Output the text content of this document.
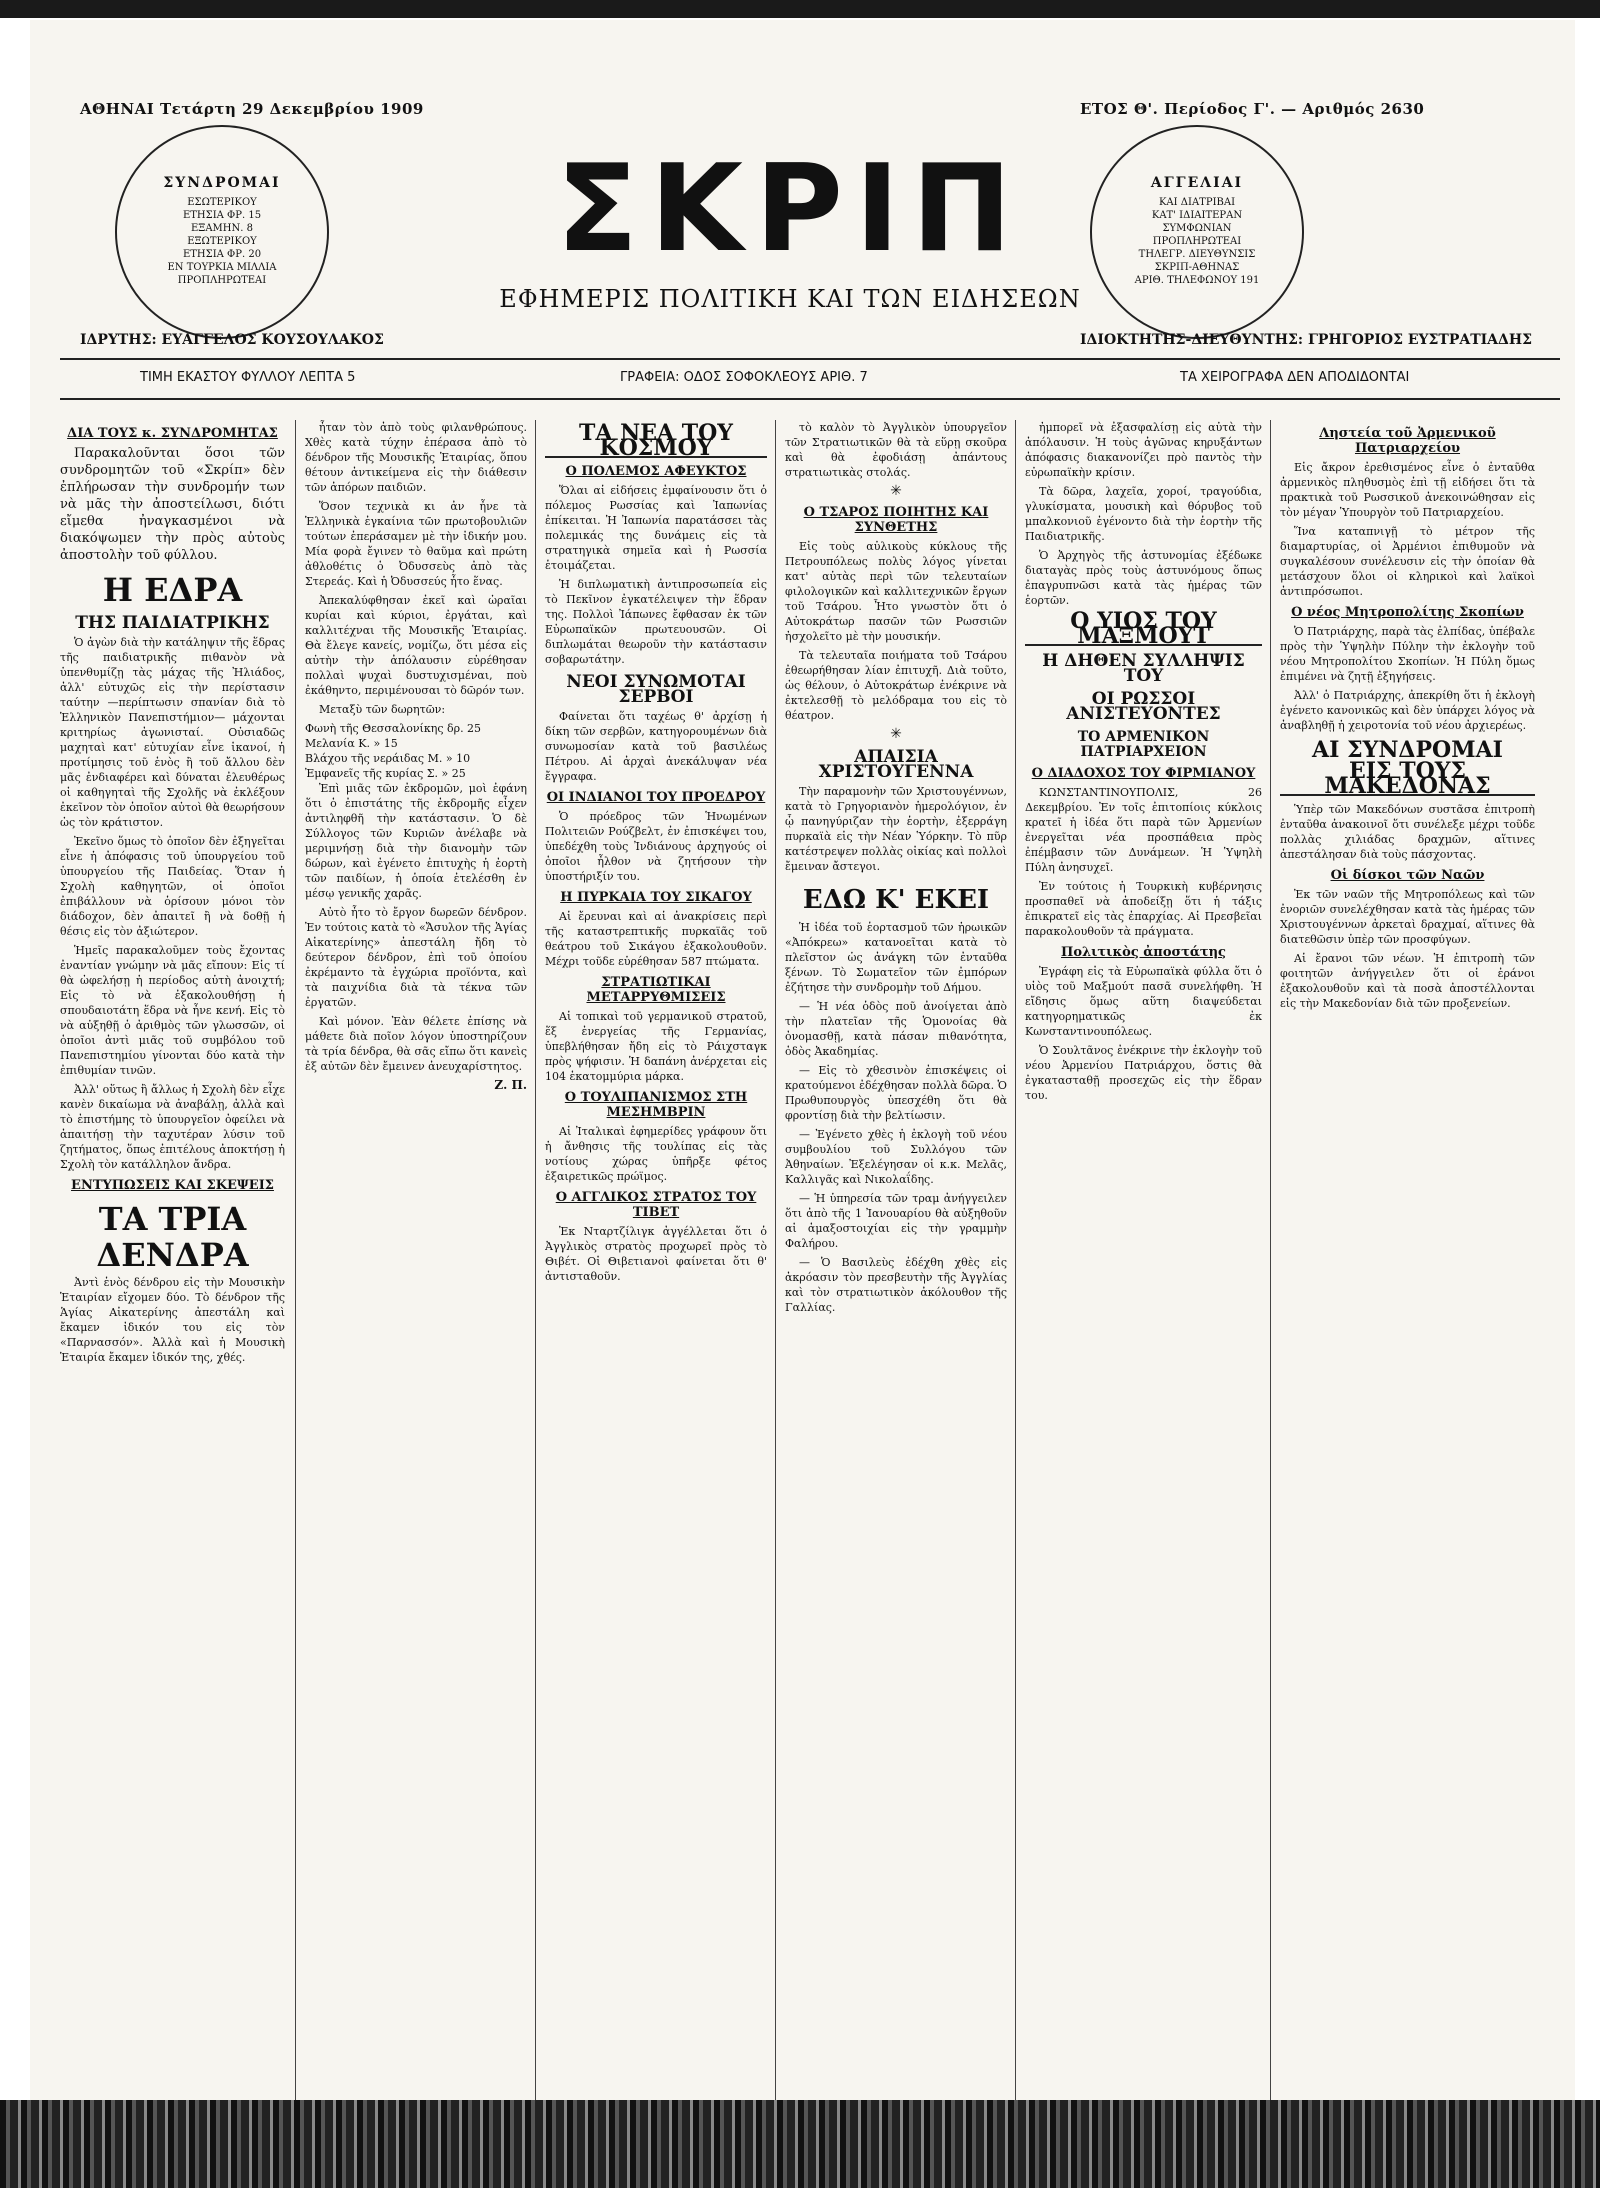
ΑΘΗΝΑΙ Τετάρτη 29 Δεκεμβρίου 1909	ΕΤΟΣ Θ'. Περίοδος Γ'. — Αριθμός 2630
ΣΥΝΔΡΟΜΑΙ
ΕΣΩΤΕΡΙΚΟΥ
ΕΤΗΣΙΑ ΦΡ. 15
ΕΞΑΜΗΝ. 8
ΕΞΩΤΕΡΙΚΟΥ
ΕΤΗΣΙΑ ΦΡ. 20
ΕΝ ΤΟΥΡΚΙΑ ΜΙΛΛΙΑ
ΠΡΟΠΛΗΡΩΤΕΑΙ
ΣΚΡΙΠ
ΕΦΗΜΕΡΙΣ ΠΟΛΙΤΙΚΗ ΚΑΙ ΤΩΝ ΕΙΔΗΣΕΩΝ
ΑΓΓΕΛΙΑΙ
ΚΑΙ ΔΙΑΤΡΙΒΑΙ
ΚΑΤ' ΙΔΙΑΙΤΕΡΑΝ
ΣΥΜΦΩΝΙΑΝ
ΠΡΟΠΛΗΡΩΤΕΑΙ
ΤΗΛΕΓΡ. ΔΙΕΥΘΥΝΣΙΣ
ΣΚΡΙΠ-ΑΘΗΝΑΣ
ΑΡΙΘ. ΤΗΛΕΦΩΝΟΥ 191
ΙΔΡΥΤΗΣ: ΕΥΑΓΓΕΛΟΣ ΚΟΥΣΟΥΛΑΚΟΣ	ΙΔΙΟΚΤΗΤΗΣ-ΔΙΕΥΘΥΝΤΗΣ: ΓΡΗΓΟΡΙΟΣ ΕΥΣΤΡΑΤΙΑΔΗΣ
ΤΙΜΗ ΕΚΑΣΤΟΥ ΦΥΛΛΟΥ ΛΕΠΤΑ 5	ΓΡΑΦΕΙΑ: ΟΔΟΣ ΣΟΦΟΚΛΕΟΥΣ ΑΡΙΘ. 7	ΤΑ ΧΕΙΡΟΓΡΑΦΑ ΔΕΝ ΑΠΟΔΙΔΟΝΤΑΙ
ΔΙΑ ΤΟΥΣ κ. ΣΥΝΔΡΟΜΗΤΑΣ

Παρακαλοῦνται ὅσοι τῶν συνδρομητῶν τοῦ «Σκρίπ» δὲν ἐπλήρωσαν τὴν συνδρομήν των νὰ μᾶς τὴν ἀποστείλωσι, διότι εἴμεθα ἠναγκασμένοι νὰ διακόψωμεν τὴν πρὸς αὐτοὺς ἀποστολὴν τοῦ φύλλου.

Η ΕΔΡΑ
ΤΗΣ ΠΑΙΔΙΑΤΡΙΚΗΣ

Ὁ ἀγὼν διὰ τὴν κατάληψιν τῆς ἕδρας τῆς παιδιατρικῆς πιθανὸν νὰ ὑπενθυμίζῃ τὰς μάχας τῆς Ἠλιάδος, ἀλλ' εὐτυχῶς εἰς τὴν περίστασιν ταύτην —περίπτωσιν σπανίαν διὰ τὸ Ἑλληνικὸν Πανεπιστήμιον— μάχονται κριτηρίως ἀγωνισταί. Οὐσιαδῶς μαχηταὶ κατ' εὐτυχίαν εἶνε ἱκανοί, ἡ προτίμησις τοῦ ἑνὸς ἢ τοῦ ἄλλου δὲν μᾶς ἐνδιαφέρει καὶ δύναται ἐλευθέρως οἱ καθηγηταὶ τῆς Σχολῆς νὰ ἐκλέξουν ἐκεῖνον τὸν ὁποῖον αὐτοὶ θὰ θεωρήσουν ὡς τὸν κράτιστον.

Ἐκεῖνο ὅμως τὸ ὁποῖον δὲν ἐξηγεῖται εἶνε ἡ ἀπόφασις τοῦ ὑπουργείου τοῦ ὑπουργείου τῆς Παιδείας. Ὅταν ἡ Σχολὴ καθηγητῶν, οἱ ὁποῖοι ἐπιβάλλουν νὰ ὁρίσουν μόνοι τὸν διάδοχον, δὲν ἀπαιτεῖ ἢ νὰ δοθῇ ἡ θέσις εἰς τὸν ἀξιώτερον.

Ἡμεῖς παρακαλοῦμεν τοὺς ἔχοντας ἐναντίαν γνώμην νὰ μᾶς εἴπουν: Εἰς τί θὰ ὠφελήσῃ ἡ περίοδος αὐτὴ ἀνοιχτή; Εἰς τὸ νὰ ἐξακολουθήσῃ ἡ σπουδαιοτάτη ἕδρα νὰ ἦνε κενή. Εἰς τὸ νὰ αὐξηθῇ ὁ ἀριθμὸς τῶν γλωσσῶν, οἱ ὁποῖοι ἀντὶ μιᾶς τοῦ συμβόλου τοῦ Πανεπιστημίου γίνονται δύο κατὰ τὴν ἐπιθυμίαν τινῶν.

Ἀλλ' οὕτως ἢ ἄλλως ἡ Σχολὴ δὲν εἶχε κανὲν δικαίωμα νὰ ἀναβάλῃ, ἀλλὰ καὶ τὸ ἐπιστήμης τὸ ὑπουργεῖον ὀφείλει νὰ ἀπαιτήσῃ τὴν ταχυτέραν λύσιν τοῦ ζητήματος, ὅπως ἐπιτέλους ἀποκτήσῃ ἡ Σχολὴ τὸν κατάλληλον ἄνδρα.

ΕΝΤΥΠΩΣΕΙΣ ΚΑΙ ΣΚΕΨΕΙΣ
ΤΑ ΤΡΙΑ ΔΕΝΔΡΑ

Ἀντὶ ἑνὸς δένδρου εἰς τὴν Μουσικὴν Ἑταιρίαν εἴχομεν δύο. Τὸ δένδρον τῆς Ἁγίας Αἰκατερίνης ἀπεστάλη καὶ ἔκαμεν ἰδικόν του εἰς τὸν «Παρνασσόν». Ἀλλὰ καὶ ἡ Μουσικὴ Ἑταιρία ἔκαμεν ἰδικόν της, χθές.

ἦταν τὸν ἀπὸ τοὺς φιλανθρώπους. Χθὲς κατὰ τύχην ἐπέρασα ἀπὸ τὸ δένδρον τῆς Μουσικῆς Ἑταιρίας, ὅπου θέτουν ἀντικείμενα εἰς τὴν διάθεσιν τῶν ἀπόρων παιδιῶν.

Ὅσον τεχνικὰ κι ἀν ἦνε τὰ Ἑλληνικὰ ἐγκαίνια τῶν πρωτοβουλιῶν τούτων ἐπεράσαμεν μὲ τὴν ἰδικήν μου. Μία φορὰ ἔγινεν τὸ θαῦμα καὶ πρώτη ἀθλοθέτις ὁ Ὀδυσσεὺς ἀπὸ τὰς Στερεάς. Καὶ ἡ Ὀδυσσεύς ἦτο ἕνας.

Ἀπεκαλύφθησαν ἐκεῖ καὶ ὡραῖαι κυρίαι καὶ κύριοι, ἐργάται, καὶ καλλιτέχναι τῆς Μουσικῆς Ἑταιρίας. Θὰ ἔλεγε κανείς, νομίζω, ὅτι μέσα εἰς αὐτὴν τὴν ἀπόλαυσιν εὑρέθησαν πολλαὶ ψυχαὶ δυστυχισμέναι, ποὺ ἐκάθηντο, περιμένουσαι τὸ δῶρόν των.

Μεταξὺ τῶν δωρητῶν:

Φωνὴ τῆς Θεσσαλονίκης δρ. 25
Μελανία Κ. » 15
Βλάχου τῆς νεράιδας Μ. » 10
Ἐμφανεῖς τῆς κυρίας Σ. » 25

Ἐπὶ μιᾶς τῶν ἐκδρομῶν, μοὶ ἐφάνη ὅτι ὁ ἐπιστάτης τῆς ἐκδρομῆς εἶχεν ἀντιληφθῆ τὴν κατάστασιν. Ὁ δὲ Σύλλογος τῶν Κυριῶν ἀνέλαβε νὰ μεριμνήσῃ διὰ τὴν διανομὴν τῶν δώρων, καὶ ἐγένετο ἐπιτυχὴς ἡ ἐορτὴ τῶν παιδίων, ἡ ὁποία ἐτελέσθη ἐν μέσῳ γενικῆς χαρᾶς.

Αὐτὸ ἦτο τὸ ἔργον δωρεῶν δένδρον. Ἐν τούτοις κατὰ τὸ «Ἄσυλον τῆς Ἁγίας Αἰκατερίνης» ἀπεστάλη ἤδη τὸ δεύτερον δένδρον, ἐπὶ τοῦ ὁποίου ἐκρέμαντο τὰ ἐγχώρια προϊόντα, καὶ τὰ παιχνίδια διὰ τὰ τέκνα τῶν ἐργατῶν.

Καὶ μόνον. Ἐὰν θέλετε ἐπίσης νὰ μάθετε διὰ ποῖον λόγον ὑποστηρίζουν τὰ τρία δένδρα, θὰ σᾶς εἴπω ὅτι κανεὶς ἐξ αὐτῶν δὲν ἔμεινεν ἀνευχαρίστητος.

Ζ. Π.
ΤΑ ΝΕΑ ΤΟΥ ΚΟΣΜΟΥ
Ο ΠΟΛΕΜΟΣ ΑΦΕΥΚΤΟΣ

Ὅλαι αἱ εἰδήσεις ἐμφαίνουσιν ὅτι ὁ πόλεμος Ρωσσίας καὶ Ἰαπωνίας ἐπίκειται. Ἡ Ἰαπωνία παρατάσσει τὰς πολεμικάς της δυνάμεις εἰς τὰ στρατηγικὰ σημεῖα καὶ ἡ Ρωσσία ἑτοιμάζεται.

Ἡ διπλωματικὴ ἀντιπροσωπεία εἰς τὸ Πεκῖνον ἐγκατέλειψεν τὴν ἕδραν της. Πολλοὶ Ἰάπωνες ἔφθασαν ἐκ τῶν Εὐρωπαϊκῶν πρωτευουσῶν. Οἱ διπλωμάται θεωροῦν τὴν κατάστασιν σοβαρωτάτην.

ΝΕΟΙ ΣΥΝΩΜΟΤΑΙ ΣΕΡΒΟΙ

Φαίνεται ὅτι ταχέως θ' ἀρχίσῃ ἡ δίκη τῶν σερβῶν, κατηγορουμένων διὰ συνωμοσίαν κατὰ τοῦ βασιλέως Πέτρου. Αἱ ἀρχαὶ ἀνεκάλυψαν νέα ἔγγραφα.

ΟΙ ΙΝΔΙΑΝΟΙ ΤΟΥ ΠΡΟΕΔΡΟΥ

Ὁ πρόεδρος τῶν Ἡνωμένων Πολιτειῶν Ρούζβελτ, ἐν ἐπισκέψει του, ὑπεδέχθη τοὺς Ἰνδιάνους ἀρχηγούς οἱ ὁποῖοι ἦλθον νὰ ζητήσουν τὴν ὑποστήριξίν του.

Η ΠΥΡΚΑΙΑ ΤΟΥ ΣΙΚΑΓΟΥ

Αἱ ἔρευναι καὶ αἱ ἀνακρίσεις περὶ τῆς καταστρεπτικῆς πυρκαϊᾶς τοῦ θεάτρου τοῦ Σικάγου ἐξακολουθοῦν. Μέχρι τοῦδε εὑρέθησαν 587 πτώματα.

ΣΤΡΑΤΙΩΤΙΚΑΙ ΜΕΤΑΡΡΥΘΜΙΣΕΙΣ

Αἱ τοπικαὶ τοῦ γερμανικοῦ στρατοῦ, ἕξ ἐνεργείας τῆς Γερμανίας, ὑπεβλήθησαν ἤδη εἰς τὸ Ράιχσταγκ πρὸς ψήφισιν. Ἡ δαπάνη ἀνέρχεται εἰς 104 ἑκατομμύρια μάρκα.

Ο ΤΟΥΛΙΠΑΝΙΣΜΟΣ ΣΤΗ ΜΕΣΗΜΒΡΙΝ

Αἱ Ἰταλικαὶ ἐφημερίδες γράφουν ὅτι ἡ ἄνθησις τῆς τουλίπας εἰς τὰς νοτίους χώρας ὑπῆρξε φέτος ἐξαιρετικῶς πρώϊμος.

Ο ΑΓΓΛΙΚΟΣ ΣΤΡΑΤΟΣ ΤΟΥ ΤΙΒΕΤ

Ἐκ Νταρτζίλιγκ ἀγγέλλεται ὅτι ὁ Ἀγγλικὸς στρατὸς προχωρεῖ πρὸς τὸ Θιβέτ. Οἱ Θιβετιανοὶ φαίνεται ὅτι θ' ἀντισταθοῦν.

τὸ καλὸν τὸ Ἀγγλικὸν ὑπουργεῖον τῶν Στρατιωτικῶν θὰ τὰ εὕρῃ σκοῦρα καὶ θὰ ἐφοδιάσῃ ἀπάντους στρατιωτικὰς στολάς.

✳
Ο ΤΣΑΡΟΣ ΠΟΙΗΤΗΣ ΚΑΙ ΣΥΝΘΕΤΗΣ

Εἰς τοὺς αὐλικοὺς κύκλους τῆς Πετρουπόλεως πολὺς λόγος γίνεται κατ' αὐτὰς περὶ τῶν τελευταίων φιλολογικῶν καὶ καλλιτεχνικῶν ἔργων τοῦ Τσάρου. Ἦτο γνωστὸν ὅτι ὁ Αὐτοκράτωρ πασῶν τῶν Ρωσσιῶν ἠσχολεῖτο μὲ τὴν μουσικήν.

Τὰ τελευταῖα ποιήματα τοῦ Τσάρου ἐθεωρήθησαν λίαν ἐπιτυχῆ. Διὰ τοῦτο, ὡς θέλουν, ὁ Αὐτοκράτωρ ἐνέκρινε νὰ ἐκτελεσθῇ τὸ μελόδραμα του εἰς τὸ θέατρον.

✳
ΑΠΑΙΣΙΑ ΧΡΙΣΤΟΥΓΕΝΝΑ

Τὴν παραμονὴν τῶν Χριστουγέννων, κατὰ τὸ Γρηγοριανὸν ἡμερολόγιον, ἐν ᾧ πανηγύριζαν τὴν ἑορτὴν, ἐξερράγη πυρκαϊὰ εἰς τὴν Νέαν Ὑόρκην. Τὸ πῦρ κατέστρεψεν πολλὰς οἰκίας καὶ πολλοὶ ἔμειναν ἄστεγοι.

ΕΔΩ Κ' ΕΚΕΙ

Ἡ ἰδέα τοῦ ἑορτασμοῦ τῶν ἡρωικῶν «Ἀπόκρεω» κατανοεῖται κατὰ τὸ πλεῖστον ὡς ἀνάγκη τῶν ἐνταῦθα ξένων. Τὸ Σωματεῖον τῶν ἐμπόρων ἐζήτησε τὴν συνδρομὴν τοῦ Δήμου.

— Ἡ νέα ὁδὸς ποῦ ἀνοίγεται ἀπὸ τὴν πλατεῖαν τῆς Ὁμονοίας θὰ ὀνομασθῇ, κατὰ πάσαν πιθανότητα, ὁδὸς Ἀκαδημίας.

— Εἰς τὸ χθεσινὸν ἐπισκέψεις οἱ κρατούμενοι ἐδέχθησαν πολλὰ δῶρα. Ὁ Πρωθυπουργὸς ὑπεσχέθη ὅτι θὰ φροντίσῃ διὰ τὴν βελτίωσιν.

— Ἐγένετο χθὲς ἡ ἐκλογὴ τοῦ νέου συμβουλίου τοῦ Συλλόγου τῶν Ἀθηναίων. Ἐξελέγησαν οἱ κ.κ. Μελᾶς, Καλλιγᾶς καὶ Νικολαΐδης.

— Ἡ ὑπηρεσία τῶν τραμ ἀνήγγειλεν ὅτι ἀπὸ τῆς 1 Ἰανουαρίου θὰ αὐξηθοῦν αἱ ἁμαξοστοιχίαι εἰς τὴν γραμμὴν Φαλήρου.

— Ὁ Βασιλεὺς ἐδέχθη χθὲς εἰς ἀκρόασιν τὸν πρεσβευτὴν τῆς Ἀγγλίας καὶ τὸν στρατιωτικὸν ἀκόλουθον τῆς Γαλλίας.

ἠμπορεῖ νὰ ἐξασφαλίσῃ εἰς αὐτὰ τὴν ἀπόλαυσιν. Ἡ τοὺς ἀγῶνας κηρυξάντων ἀπόφασις διακανονίζει πρὸ παντὸς τὴν εὐρωπαϊκὴν κρίσιν.

Τὰ δῶρα, λαχεῖα, χοροί, τραγούδια, γλυκίσματα, μουσικὴ καὶ θόρυβος τοῦ μπαλκονιοῦ ἐγένοντο διὰ τὴν ἑορτὴν τῆς Παιδιατρικῆς.

Ὁ Ἀρχηγὸς τῆς ἀστυνομίας ἐξέδωκε διαταγὰς πρὸς τοὺς ἀστυνόμους ὅπως ἐπαγρυπνῶσι κατὰ τὰς ἡμέρας τῶν ἑορτῶν.

Ο ΥΙΟΣ ΤΟΥ ΜΑΞΜΟΥΤ
Η ΔΗΘΕΝ ΣΥΛΛΗΨΙΣ ΤΟΥ
ΟΙ ΡΩΣΣΟΙ ΑΝΙΣΤΕΥΟΝΤΕΣ
ΤΟ ΑΡΜΕΝΙΚΟΝ ΠΑΤΡΙΑΡΧΕΙΟΝ
Ο ΔΙΑΔΟΧΟΣ ΤΟΥ ΦΙΡΜΙΑΝΟΥ

ΚΩΝΣΤΑΝΤΙΝΟΥΠΟΛΙΣ, 26 Δεκεμβρίου. Ἐν τοῖς ἐπιτοπίοις κύκλοις κρατεῖ ἡ ἰδέα ὅτι παρὰ τῶν Ἀρμενίων ἐνεργεῖται νέα προσπάθεια πρὸς ἐπέμβασιν τῶν Δυνάμεων. Ἡ Ὑψηλὴ Πύλη ἀνησυχεῖ.

Ἐν τούτοις ἡ Τουρκικὴ κυβέρνησις προσπαθεῖ νὰ ἀποδείξῃ ὅτι ἡ τάξις ἐπικρατεῖ εἰς τὰς ἐπαρχίας. Αἱ Πρεσβεῖαι παρακολουθοῦν τὰ πράγματα.

Πολιτικὸς ἀποστάτης

Ἐγράφη εἰς τὰ Εὐρωπαϊκὰ φύλλα ὅτι ὁ υἱὸς τοῦ Μαξμούτ πασᾶ συνελήφθη. Ἡ εἴδησις ὅμως αὕτη διαψεύδεται κατηγορηματικῶς ἐκ Κωνσταντινουπόλεως.

Ὁ Σουλτᾶνος ἐνέκρινε τὴν ἐκλογὴν τοῦ νέου Ἀρμενίου Πατριάρχου, ὅστις θὰ ἐγκατασταθῇ προσεχῶς εἰς τὴν ἕδραν του.

Ληστεία τοῦ Ἀρμενικοῦ Πατριαρχείου

Εἰς ἄκρον ἐρεθισμένος εἶνε ὁ ἐνταῦθα ἀρμενικὸς πληθυσμὸς ἐπὶ τῇ εἰδήσει ὅτι τὰ πρακτικὰ τοῦ Ρωσσικοῦ ἀνεκοινώθησαν εἰς τὸν μέγαν Ὑπουργὸν τοῦ Πατριαρχείου.

Ἵνα καταπνιγῇ τὸ μέτρον τῆς διαμαρτυρίας, οἱ Ἀρμένιοι ἐπιθυμοῦν νὰ συγκαλέσουν συνέλευσιν εἰς τὴν ὁποίαν θὰ μετάσχουν ὅλοι οἱ κληρικοὶ καὶ λαϊκοὶ ἀντιπρόσωποι.

Ο νέος Μητροπολίτης Σκοπίων

Ὁ Πατριάρχης, παρὰ τὰς ἐλπίδας, ὑπέβαλε πρὸς τὴν Ὑψηλὴν Πύλην τὴν ἐκλογὴν τοῦ νέου Μητροπολίτου Σκοπίων. Ἡ Πύλη ὅμως ἐπιμένει νὰ ζητῇ ἐξηγήσεις.

Ἀλλ' ὁ Πατριάρχης, ἀπεκρίθη ὅτι ἡ ἐκλογὴ ἐγένετο κανονικῶς καὶ δὲν ὑπάρχει λόγος νὰ ἀναβληθῇ ἡ χειροτονία τοῦ νέου ἀρχιερέως.

ΑΙ ΣΥΝΔΡΟΜΑΙ
ΕΙΣ ΤΟΥΣ ΜΑΚΕΔΟΝΑΣ

Ὑπὲρ τῶν Μακεδόνων συστᾶσα ἐπιτροπὴ ἐνταῦθα ἀνακοινοῖ ὅτι συνέλεξε μέχρι τοῦδε πολλὰς χιλιάδας δραχμῶν, αἵτινες ἀπεστάλησαν διὰ τοὺς πάσχοντας.

Οἱ δίσκοι τῶν Ναῶν

Ἐκ τῶν ναῶν τῆς Μητροπόλεως καὶ τῶν ἐνοριῶν συνελέχθησαν κατὰ τὰς ἡμέρας τῶν Χριστουγέννων ἀρκεταὶ δραχμαί, αἵτινες θὰ διατεθῶσιν ὑπὲρ τῶν προσφύγων.

Αἱ ἔρανοι τῶν νέων. Ἡ ἐπιτροπὴ τῶν φοιτητῶν ἀνήγγειλεν ὅτι οἱ ἐράνοι ἐξακολουθοῦν καὶ τὰ ποσὰ ἀποστέλλονται εἰς τὴν Μακεδονίαν διὰ τῶν προξενείων.
